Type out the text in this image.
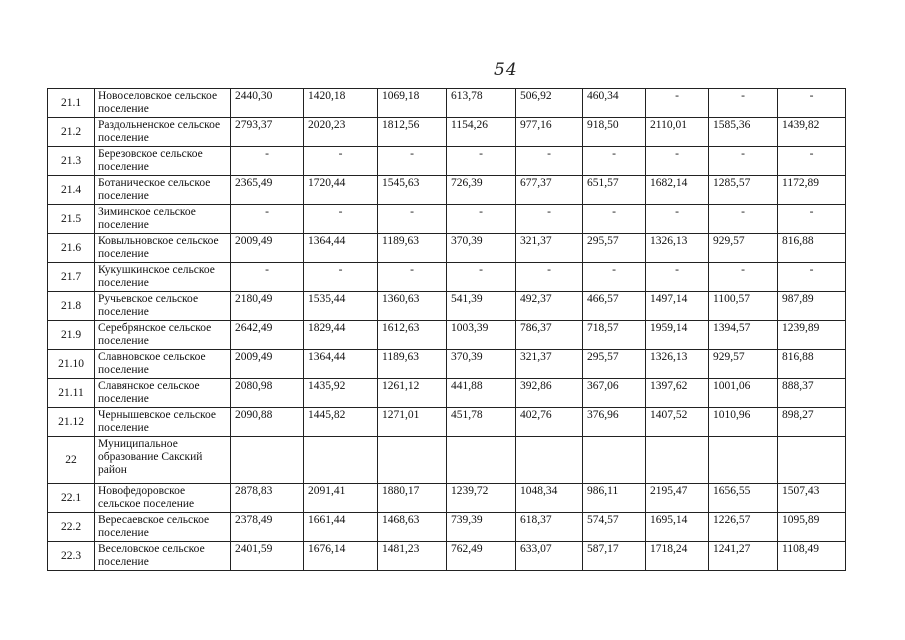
54
21.1	Новоселовское сельское поселение	2440,30	1420,18	1069,18	613,78	506,92	460,34	-	-	-
21.2	Раздольненское сельское поселение	2793,37	2020,23	1812,56	1154,26	977,16	918,50	2110,01	1585,36	1439,82
21.3	Березовское сельское поселение	-	-	-	-	-	-	-	-	-
21.4	Ботаническое сельское поселение	2365,49	1720,44	1545,63	726,39	677,37	651,57	1682,14	1285,57	1172,89
21.5	Зиминское сельское поселение	-	-	-	-	-	-	-	-	-
21.6	Ковыльновское сельское поселение	2009,49	1364,44	1189,63	370,39	321,37	295,57	1326,13	929,57	816,88
21.7	Кукушкинское сельское поселение	-	-	-	-	-	-	-	-	-
21.8	Ручьевское сельское поселение	2180,49	1535,44	1360,63	541,39	492,37	466,57	1497,14	1100,57	987,89
21.9	Серебрянское сельское поселение	2642,49	1829,44	1612,63	1003,39	786,37	718,57	1959,14	1394,57	1239,89
21.10	Славновское сельское поселение	2009,49	1364,44	1189,63	370,39	321,37	295,57	1326,13	929,57	816,88
21.11	Славянское сельское поселение	2080,98	1435,92	1261,12	441,88	392,86	367,06	1397,62	1001,06	888,37
21.12	Чернышевское сельское поселение	2090,88	1445,82	1271,01	451,78	402,76	376,96	1407,52	1010,96	898,27
22	Муниципальное образование Сакский район									
22.1	Новофедоровское сельское поселение	2878,83	2091,41	1880,17	1239,72	1048,34	986,11	2195,47	1656,55	1507,43
22.2	Вересаевское сельское поселение	2378,49	1661,44	1468,63	739,39	618,37	574,57	1695,14	1226,57	1095,89
22.3	Веселовское сельское поселение	2401,59	1676,14	1481,23	762,49	633,07	587,17	1718,24	1241,27	1108,49
